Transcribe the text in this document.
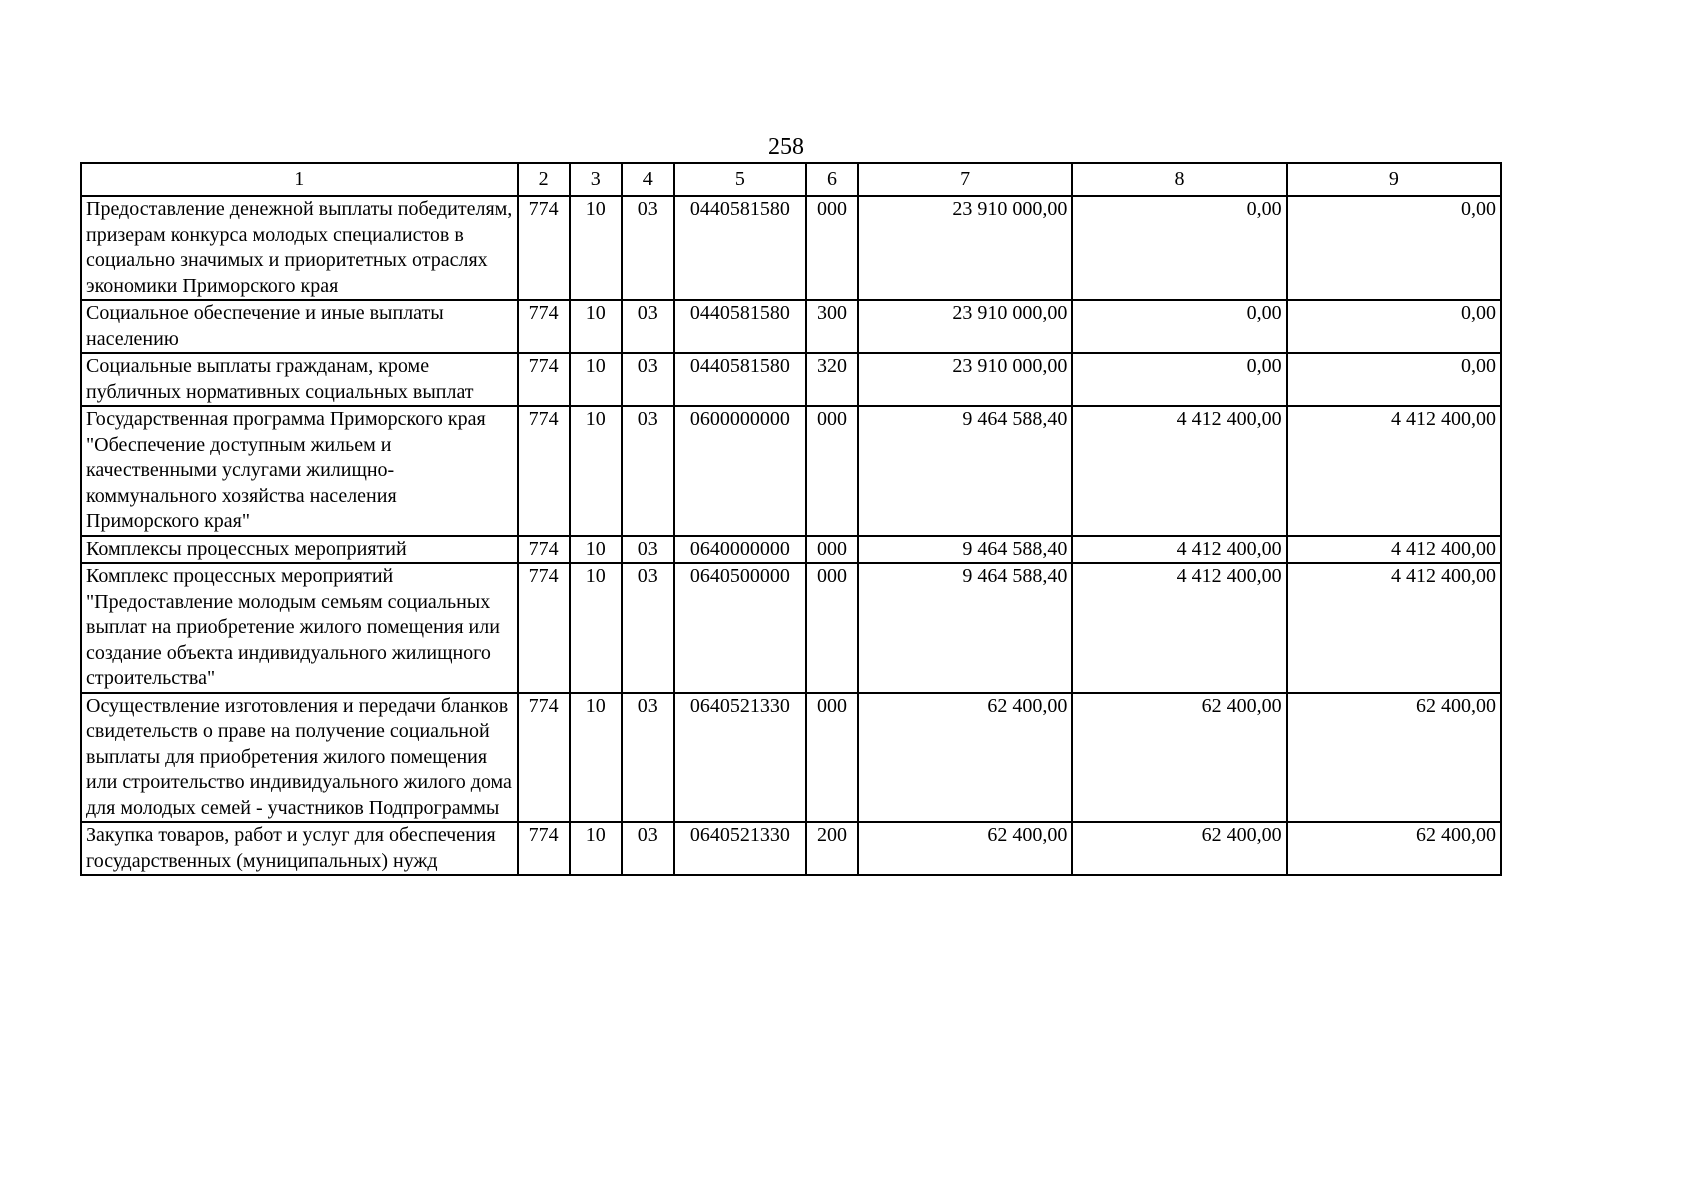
258
1	2	3	4	5	6	7	8	9
Предоставление денежной выплаты победителям, призерам конкурса молодых специалистов в социально значимых и приоритетных отраслях экономики Приморского края	774	10	03	0440581580	000	23 910 000,00	0,00	0,00
Социальное обеспечение и иные выплаты населению	774	10	03	0440581580	300	23 910 000,00	0,00	0,00
Социальные выплаты гражданам, кроме публичных нормативных социальных выплат	774	10	03	0440581580	320	23 910 000,00	0,00	0,00
Государственная программа Приморского края "Обеспечение доступным жильем и качественными услугами жилищно-коммунального хозяйства населения Приморского края"	774	10	03	0600000000	000	9 464 588,40	4 412 400,00	4 412 400,00
Комплексы процессных мероприятий	774	10	03	0640000000	000	9 464 588,40	4 412 400,00	4 412 400,00
Комплекс процессных мероприятий "Предоставление молодым семьям социальных выплат на приобретение жилого помещения или создание объекта индивидуального жилищного строительства"	774	10	03	0640500000	000	9 464 588,40	4 412 400,00	4 412 400,00
Осуществление изготовления и передачи бланков свидетельств о праве на получение социальной выплаты для приобретения жилого помещения или строительство индивидуального жилого дома для молодых семей - участников Подпрограммы	774	10	03	0640521330	000	62 400,00	62 400,00	62 400,00
Закупка товаров, работ и услуг для обеспечения государственных (муниципальных) нужд	774	10	03	0640521330	200	62 400,00	62 400,00	62 400,00
